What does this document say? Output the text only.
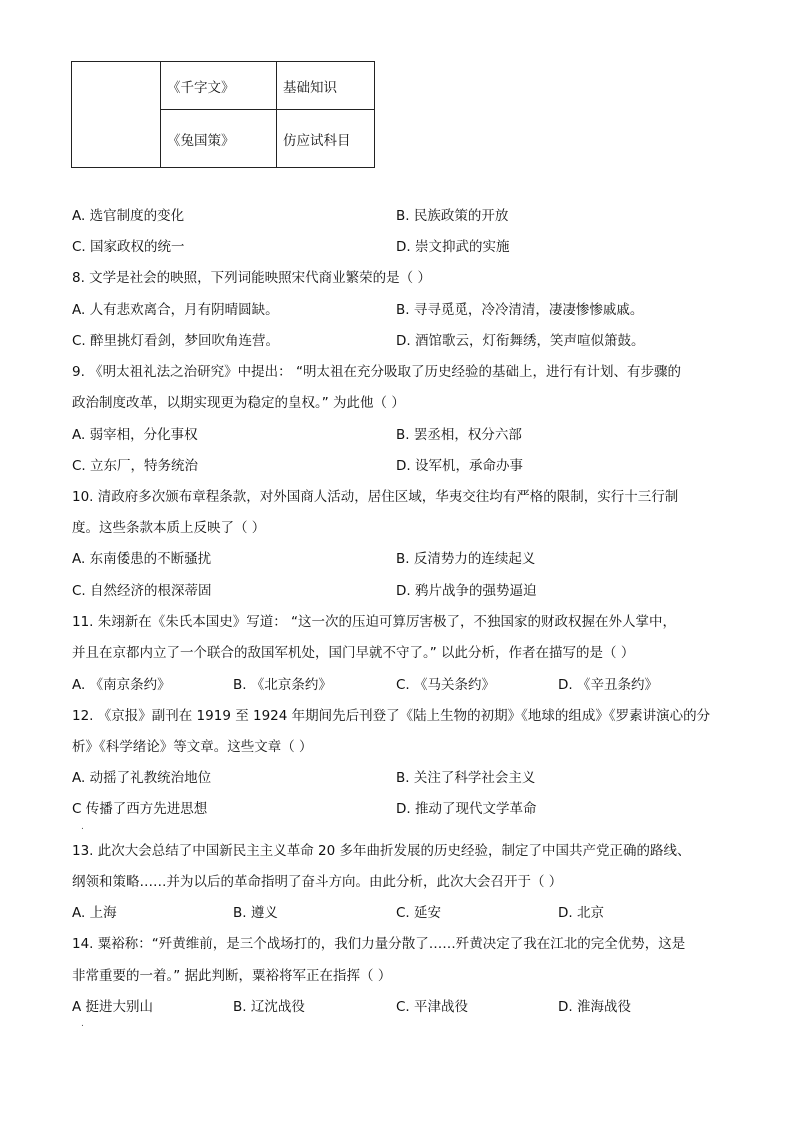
	《千字文》	基础知识
	《兔国策》	仿应试科目
A. 选官制度的变化	B. 民族政策的开放
C. 国家政权的统一	D. 崇文抑武的实施
8. 文学是社会的映照，下列词能映照宋代商业繁荣的是（ ）
A. 人有悲欢离合，月有阴晴圆缺。	B. 寻寻觅觅，冷冷清清，凄凄惨惨戚戚。
C. 醉里挑灯看剑，梦回吹角连营。	D. 酒馆歌云，灯衔舞绣，笑声喧似箫鼓。
9. 《明太祖礼法之治研究》中提出： “明太祖在充分吸取了历史经验的基础上，进行有计划、有步骤的
政治制度改革，以期实现更为稳定的皇权。” 为此他（ ）
A. 弱宰相，分化事权	B. 罢丞相，权分六部
C. 立东厂，特务统治	D. 设军机，承命办事
10. 清政府多次颁布章程条款，对外国商人活动，居住区域，华夷交往均有严格的限制，实行十三行制
度。这些条款本质上反映了（ ）
A. 东南倭患的不断骚扰	B. 反清势力的连续起义
C. 自然经济的根深蒂固	D. 鸦片战争的强势逼迫
11. 朱翊新在《朱氏本国史》写道： “这一次的压迫可算厉害极了，不独国家的财政权握在外人掌中，
并且在京都内立了一个联合的敌国军机处，国门早就不守了。” 以此分析，作者在描写的是（ ）
A. 《南京条约》	B. 《北京条约》	C. 《马关条约》	D. 《辛丑条约》
12. 《京报》副刊在 1919 至 1924 年期间先后刊登了《陆上生物的初期》《地球的组成》《罗素讲演心的分
析》《科学绪论》等文章。这些文章（ ）
A. 动摇了礼教统治地位	B. 关注了科学社会主义
C 传播了西方先进思想	D. 推动了现代文学革命
.
13. 此次大会总结了中国新民主主义革命 20 多年曲折发展的历史经验，制定了中国共产党正确的路线、
纲领和策略……并为以后的革命指明了奋斗方向。由此分析，此次大会召开于（ ）
A. 上海	B. 遵义	C. 延安	D. 北京
14. 粟裕称：“歼黄维前，是三个战场打的，我们力量分散了……歼黄决定了我在江北的完全优势，这是
非常重要的一着。” 据此判断，粟裕将军正在指挥（ ）
A 挺进大别山	B. 辽沈战役	C. 平津战役	D. 淮海战役
.
